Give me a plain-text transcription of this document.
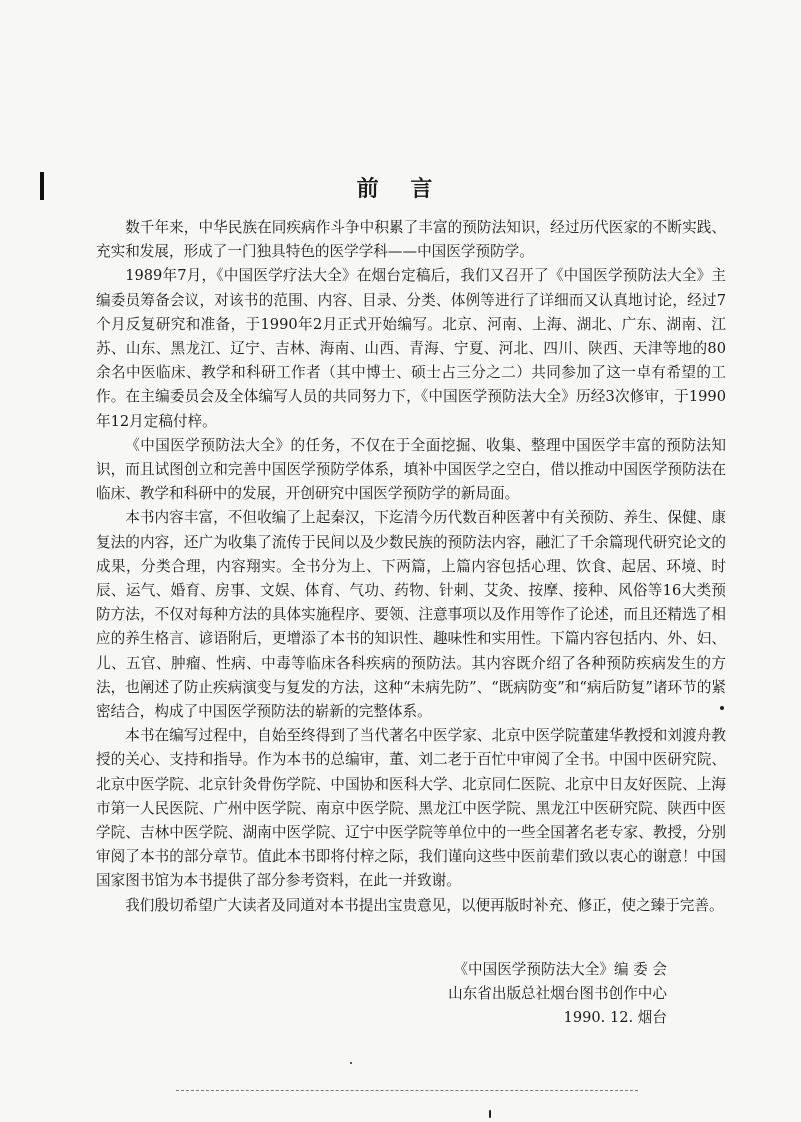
前 言

数千年来，中华民族在同疾病作斗争中积累了丰富的预防法知识，经过历代医家的不断实践、充实和发展，形成了一门独具特色的医学学科——中国医学预防学。

1989年7月，《中国医学疗法大全》在烟台定稿后，我们又召开了《中国医学预防法大全》主编委员筹备会议，对该书的范围、内容、目录、分类、体例等进行了详细而又认真地讨论，经过7个月反复研究和准备，于1990年2月正式开始编写。北京、河南、上海、湖北、广东、湖南、江苏、山东、黑龙江、辽宁、吉林、海南、山西、青海、宁夏、河北、四川、陕西、天津等地的80余名中医临床、教学和科研工作者（其中博士、硕士占三分之二）共同参加了这一卓有希望的工作。在主编委员会及全体编写人员的共同努力下，《中国医学预防法大全》历经3次修审，于1990年12月定稿付梓。

《中国医学预防法大全》的任务，不仅在于全面挖掘、收集、整理中国医学丰富的预防法知识，而且试图创立和完善中国医学预防学体系，填补中国医学之空白，借以推动中国医学预防法在临床、教学和科研中的发展，开创研究中国医学预防学的新局面。

本书内容丰富，不但收编了上起秦汉，下迄清今历代数百种医著中有关预防、养生、保健、康复法的内容，还广为收集了流传于民间以及少数民族的预防法内容，融汇了千余篇现代研究论文的成果，分类合理，内容翔实。全书分为上、下两篇，上篇内容包括心理、饮食、起居、环境、时辰、运气、婚育、房事、文娱、体育、气功、药物、针刺、艾灸、按摩、接种、风俗等16大类预防方法，不仅对每种方法的具体实施程序、要领、注意事项以及作用等作了论述，而且还精选了相应的养生格言、谚语附后，更增添了本书的知识性、趣味性和实用性。下篇内容包括内、外、妇、儿、五官、肿瘤、性病、中毒等临床各科疾病的预防法。其内容既介绍了各种预防疾病发生的方法，也阐述了防止疾病演变与复发的方法，这种“未病先防”、“既病防变”和“病后防复”诸环节的紧密结合，构成了中国医学预防法的崭新的完整体系。

本书在编写过程中，自始至终得到了当代著名中医学家、北京中医学院董建华教授和刘渡舟教授的关心、支持和指导。作为本书的总编审，董、刘二老于百忙中审阅了全书。中国中医研究院、北京中医学院、北京针灸骨伤学院、中国协和医科大学、北京同仁医院、北京中日友好医院、上海市第一人民医院、广州中医学院、南京中医学院、黑龙江中医学院、黑龙江中医研究院、陕西中医学院、吉林中医学院、湖南中医学院、辽宁中医学院等单位中的一些全国著名老专家、教授，分别审阅了本书的部分章节。值此本书即将付梓之际，我们谨向这些中医前辈们致以衷心的谢意！中国国家图书馆为本书提供了部分参考资料，在此一并致谢。

我们殷切希望广大读者及同道对本书提出宝贵意见，以便再版时补充、修正，使之臻于完善。

《中国医学预防法大全》编 委 会
山东省出版总社烟台图书创作中心
1990. 12. 烟台
